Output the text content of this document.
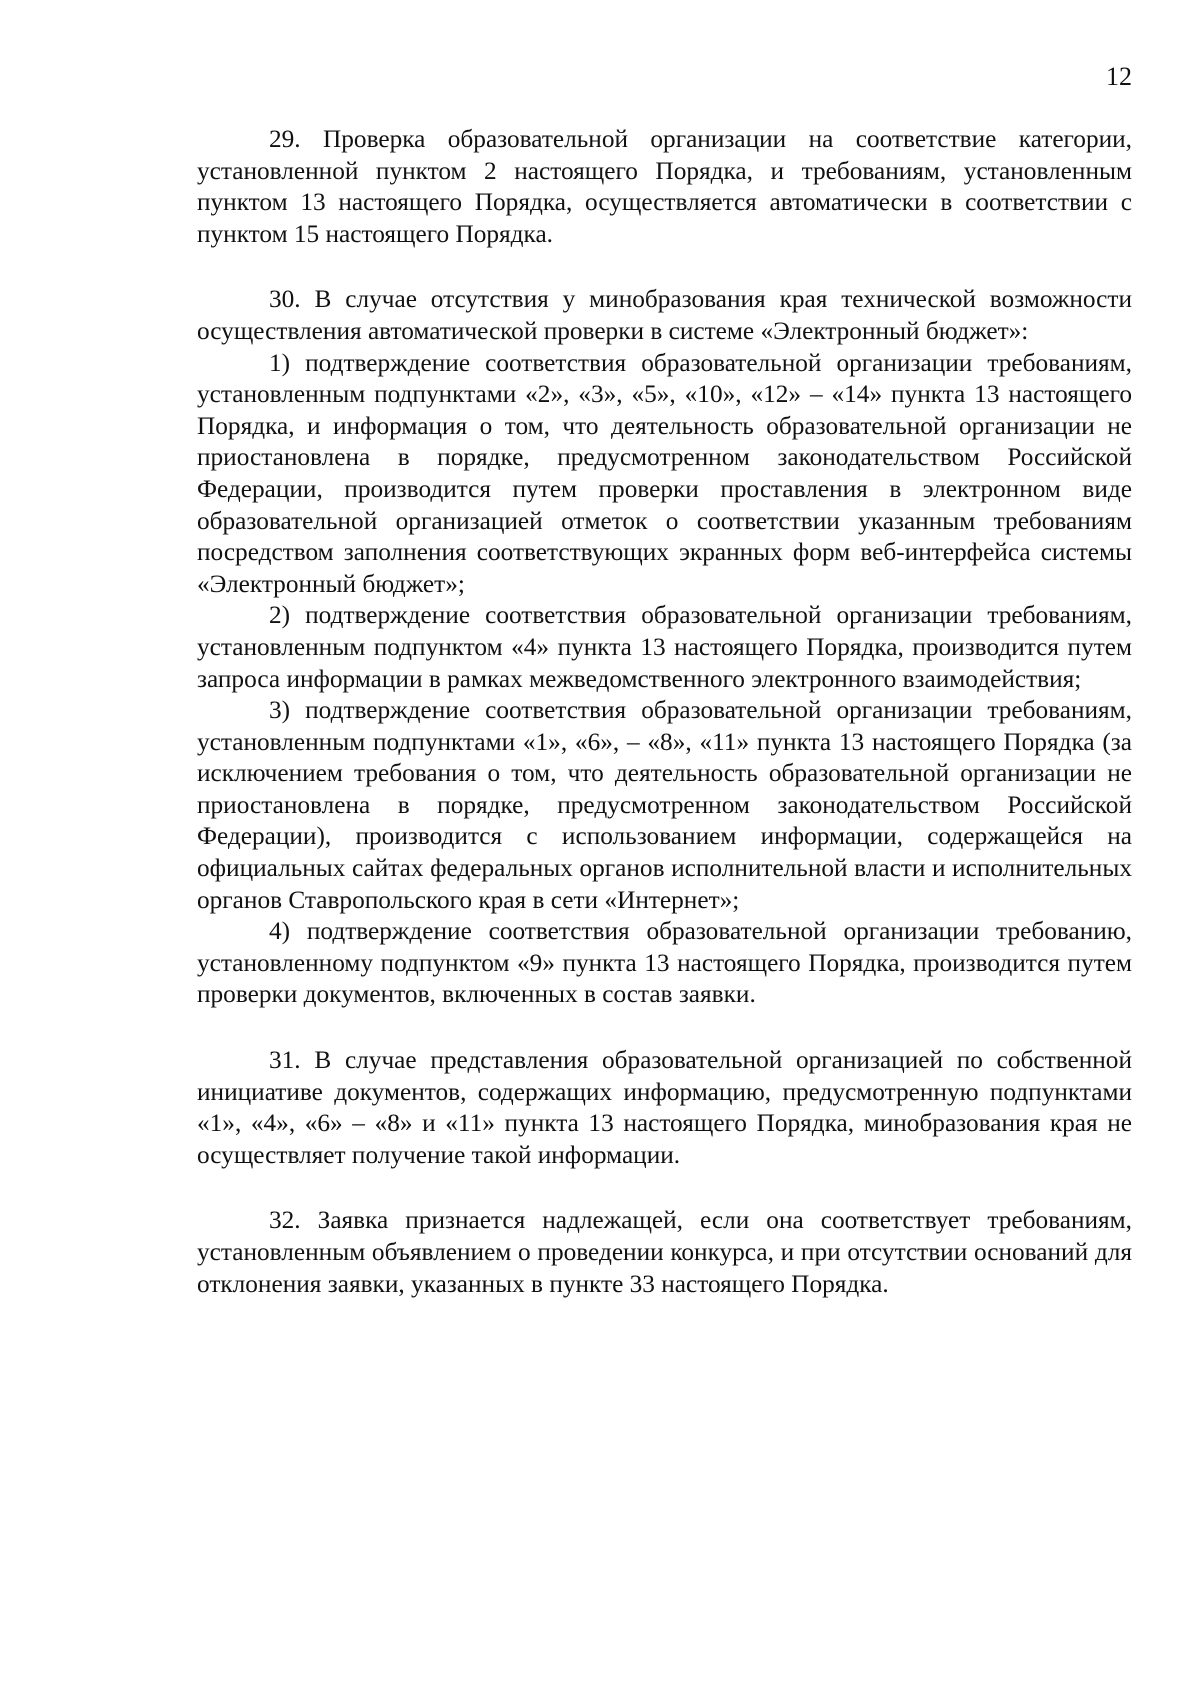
12

29. Проверка образовательной организации на соответствие категории, установленной пунктом 2 настоящего Порядка, и требованиям, установленным пунктом 13 настоящего Порядка, осуществляется автоматически в соответствии с пунктом 15 настоящего Порядка.

30. В случае отсутствия у минобразования края технической возможности осуществления автоматической проверки в системе «Электронный бюджет»:

1) подтверждение соответствия образовательной организации требованиям, установленным подпунктами «2», «3», «5», «10», «12» – «14» пункта 13 настоящего Порядка, и информация о том, что деятельность образовательной организации не приостановлена в порядке, предусмотренном законодательством Российской Федерации, производится путем проверки проставления в электронном виде образовательной организацией отметок о соответствии указанным требованиям посредством заполнения соответствующих экранных форм веб-интерфейса системы «Электронный бюджет»;

2) подтверждение соответствия образовательной организации требованиям, установленным подпунктом «4» пункта 13 настоящего Порядка, производится путем запроса информации в рамках межведомственного электронного взаимодействия;

3) подтверждение соответствия образовательной организации требованиям, установленным подпунктами «1», «6», – «8», «11» пункта 13 настоящего Порядка (за исключением требования о том, что деятельность образовательной организации не приостановлена в порядке, предусмотренном законодательством Российской Федерации), производится с использованием информации, содержащейся на официальных сайтах федеральных органов исполнительной власти и исполнительных органов Ставропольского края в сети «Интернет»;

4) подтверждение соответствия образовательной организации требованию, установленному подпунктом «9» пункта 13 настоящего Порядка, производится путем проверки документов, включенных в состав заявки.

31. В случае представления образовательной организацией по собственной инициативе документов, содержащих информацию, предусмотренную подпунктами «1», «4», «6» – «8» и «11» пункта 13 настоящего Порядка, минобразования края не осуществляет получение такой информации.

32. Заявка признается надлежащей, если она соответствует требованиям, установленным объявлением о проведении конкурса, и при отсутствии оснований для отклонения заявки, указанных в пункте 33 настоящего Порядка.
